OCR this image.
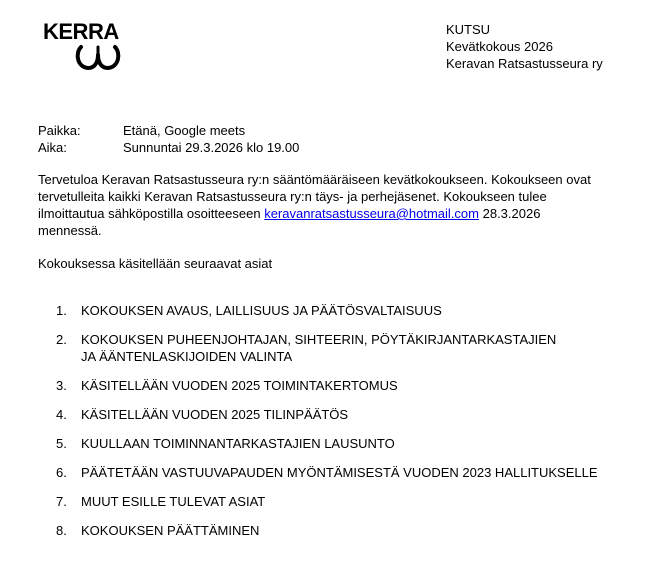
KERRA	KUTSU
Kevätkokous 2026
Keravan Ratsastusseura ry
Paikka:	Etänä, Google meets
Aika:	Sunnuntai 29.3.2026 klo 19.00
Tervetuloa Keravan Ratsastusseura ry:n sääntömääräiseen kevätkokoukseen. Kokoukseen ovat tervetulleita kaikki Keravan Ratsastusseura ry:n täys- ja perhejäsenet. Kokoukseen tulee ilmoittautua sähköpostilla osoitteeseen keravanratsastusseura@hotmail.com 28.3.2026 mennessä.
Kokouksessa käsitellään seuraavat asiat
1.	KOKOUKSEN AVAUS, LAILLISUUS JA PÄÄTÖSVALTAISUUS
2.	KOKOUKSEN PUHEENJOHTAJAN, SIHTEERIN, PÖYTÄKIRJANTARKASTAJIEN
JA ÄÄNTENLASKIJOIDEN VALINTA
3.	KÄSITELLÄÄN VUODEN 2025 TOIMINTAKERTOMUS
4.	KÄSITELLÄÄN VUODEN 2025 TILINPÄÄTÖS
5.	KUULLAAN TOIMINNANTARKASTAJIEN LAUSUNTO
6.	PÄÄTETÄÄN VASTUUVAPAUDEN MYÖNTÄMISESTÄ VUODEN 2023 HALLITUKSELLE
7.	MUUT ESILLE TULEVAT ASIAT
8.	KOKOUKSEN PÄÄTTÄMINEN
